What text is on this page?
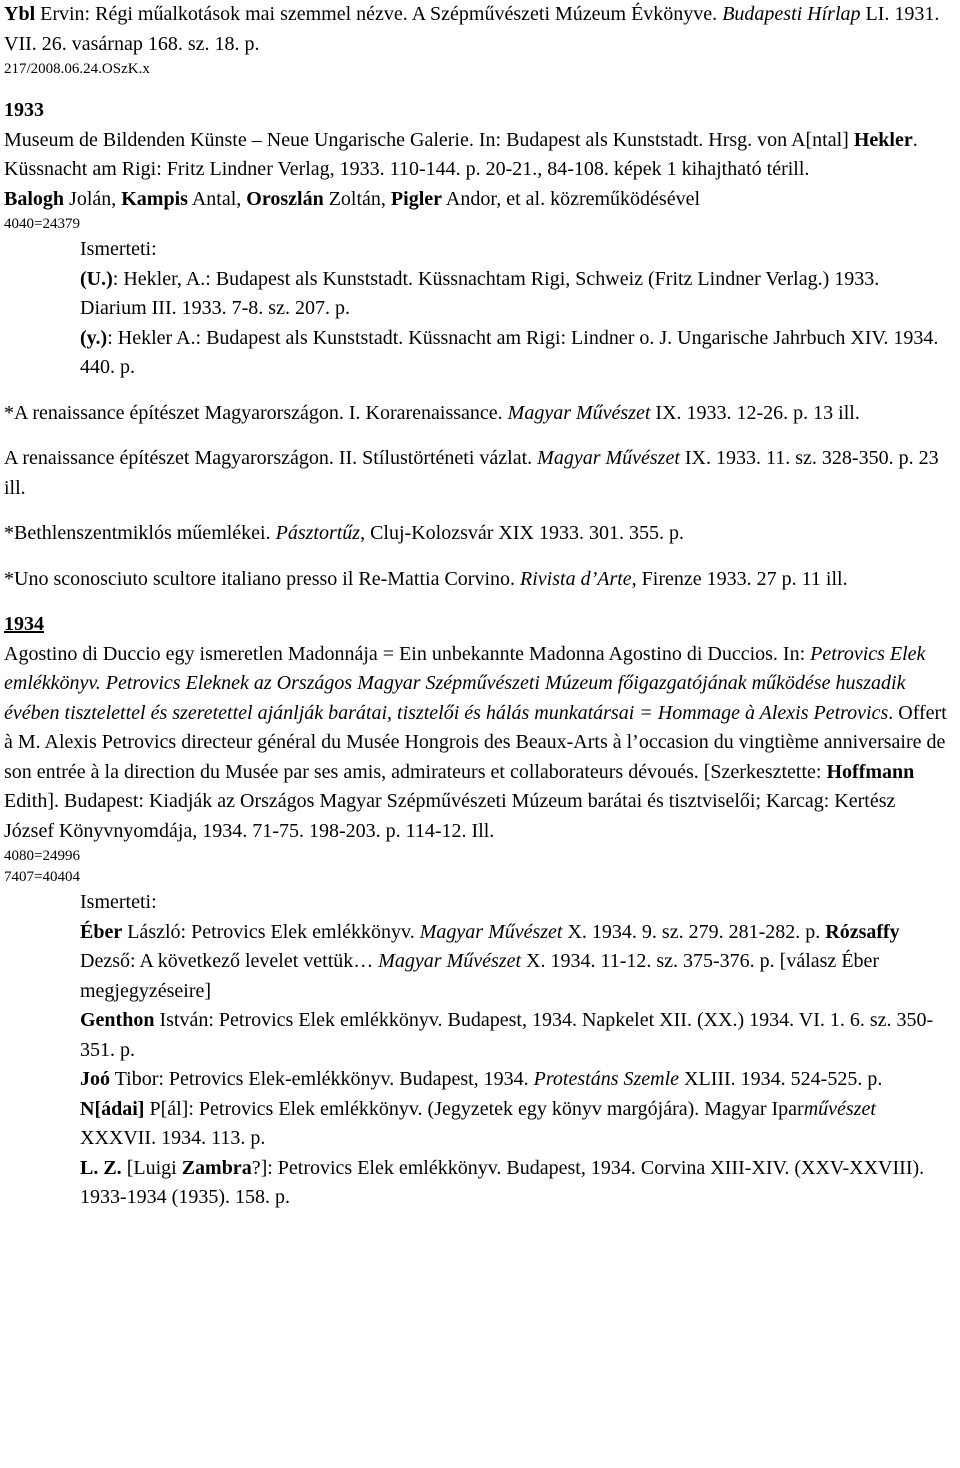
Ybl Ervin: Régi műalkotások mai szemmel nézve. A Szépművészeti Múzeum Évkönyve. Budapesti Hírlap LI. 1931. VII. 26. vasárnap 168. sz. 18. p.

217/2008.06.24.OSzK.x

1933

Museum de Bildenden Künste – Neue Ungarische Galerie. In: Budapest als Kunststadt. Hrsg. von A[ntal] Hekler. Küssnacht am Rigi: Fritz Lindner Verlag, 1933. 110-144. p. 20-21., 84-108. képek 1 kihajtható térill.

Balogh Jolán, Kampis Antal, Oroszlán Zoltán, Pigler Andor, et al. közreműködésével

4040=24379

Ismerteti:

(U.): Hekler, A.: Budapest als Kunststadt. Küssnachtam Rigi, Schweiz (Fritz Lindner Verlag.) 1933. Diarium III. 1933. 7-8. sz. 207. p.

(y.): Hekler A.: Budapest als Kunststadt. Küssnacht am Rigi: Lindner o. J. Ungarische Jahrbuch XIV. 1934. 440. p.

*A renaissance építészet Magyarországon. I. Korarenaissance. Magyar Művészet IX. 1933. 12-26. p. 13 ill.

A renaissance építészet Magyarországon. II. Stílustörténeti vázlat. Magyar Művészet IX. 1933. 11. sz. 328-350. p. 23 ill.

*Bethlenszentmiklós műemlékei. Pásztortűz, Cluj-Kolozsvár XIX 1933. 301. 355. p.

*Uno sconosciuto scultore italiano presso il Re-Mattia Corvino. Rivista d’Arte, Firenze 1933. 27 p. 11 ill.

1934

Agostino di Duccio egy ismeretlen Madonnája = Ein unbekannte Madonna Agostino di Duccios. In: Petrovics Elek emlékkönyv. Petrovics Eleknek az Országos Magyar Szépművészeti Múzeum főigazgatójának működése huszadik évében tisztelettel és szeretettel ajánlják barátai, tisztelői és hálás munkatársai = Hommage à Alexis Petrovics. Offert à M. Alexis Petrovics directeur général du Musée Hongrois des Beaux-Arts à l’occasion du vingtième anniversaire de son entrée à la direction du Musée par ses amis, admirateurs et collaborateurs dévoués. [Szerkesztette: Hoffmann Edith]. Budapest: Kiadják az Országos Magyar Szépművészeti Múzeum barátai és tisztviselői; Karcag: Kertész József Könyvnyomdája, 1934. 71-75. 198-203. p. 114-12. Ill.

4080=24996

7407=40404

Ismerteti:

Éber László: Petrovics Elek emlékkönyv. Magyar Művészet X. 1934. 9. sz. 279. 281-282. p. Rózsaffy Dezső: A következő levelet vettük… Magyar Művészet X. 1934. 11-12. sz. 375-376. p. [válasz Éber megjegyzéseire]

Genthon István: Petrovics Elek emlékkönyv. Budapest, 1934. Napkelet XII. (XX.) 1934. VI. 1. 6. sz. 350-351. p.

Joó Tibor: Petrovics Elek-emlékkönyv. Budapest, 1934. Protestáns Szemle XLIII. 1934. 524-525. p.

N[ádai] P[ál]: Petrovics Elek emlékkönyv. (Jegyzetek egy könyv margójára). Magyar Iparművészet XXXVII. 1934. 113. p.

L. Z. [Luigi Zambra?]: Petrovics Elek emlékkönyv. Budapest, 1934. Corvina XIII-XIV. (XXV-XXVIII). 1933-1934 (1935). 158. p.
